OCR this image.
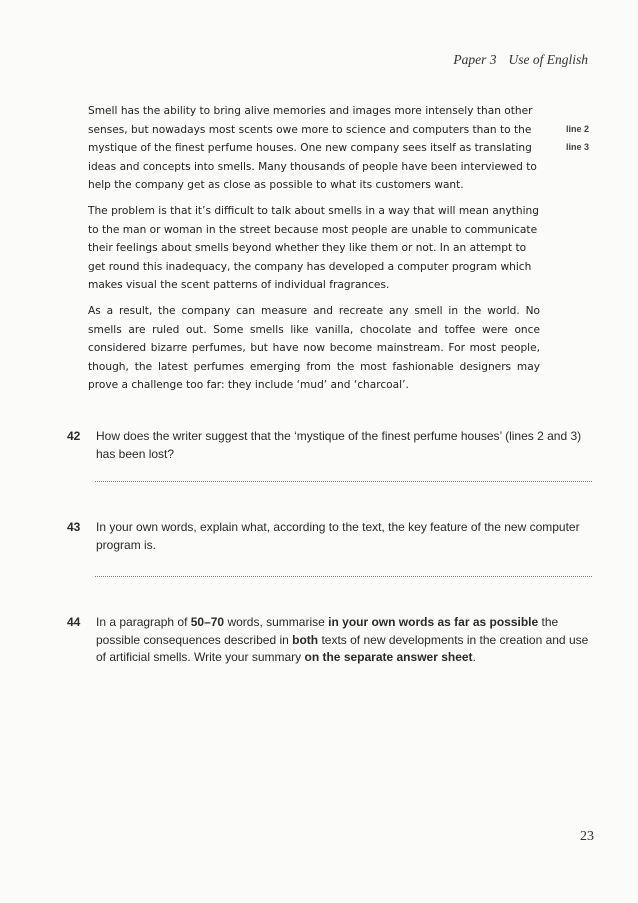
Paper 3 Use of English

Smell has the ability to bring alive memories and images more intensely than other senses, but nowadays most scents owe more to science and computers than to the mystique of the finest perfume houses. One new company sees itself as translating ideas and concepts into smells. Many thousands of people have been interviewed to help the company get as close as possible to what its customers want.

The problem is that it’s difficult to talk about smells in a way that will mean anything to the man or woman in the street because most people are unable to communicate their feelings about smells beyond whether they like them or not. In an attempt to get round this inadequacy, the company has developed a computer program which makes visual the scent patterns of individual fragrances.

As a result, the company can measure and recreate any smell in the world. No smells are ruled out. Some smells like vanilla, chocolate and toffee were once considered bizarre perfumes, but have now become mainstream. For most people, though, the latest perfumes emerging from the most fashionable designers may prove a challenge too far: they include ‘mud’ and ‘charcoal’.

line 2
line 3
42 How does the writer suggest that the ‘mystique of the finest perfume houses’ (lines 2 and 3) has been lost?
43 In your own words, explain what, according to the text, the key feature of the new computer program is.
44 In a paragraph of 50–70 words, summarise in your own words as far as possible the possible consequences described in both texts of new developments in the creation and use of artificial smells. Write your summary on the separate answer sheet.
23
